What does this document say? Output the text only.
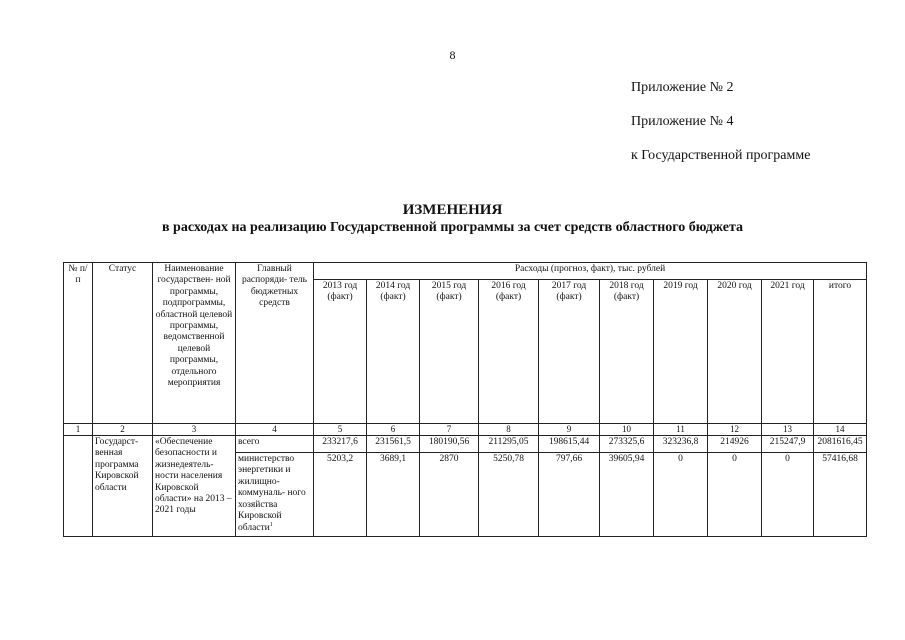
8
Приложение № 2
Приложение № 4
к Государственной программе
ИЗМЕНЕНИЯ
в расходах на реализацию Государственной программы за счет средств областного бюджета
№ п/п	Статус	Наименование государствен- ной программы, подпрограммы, областной целевой программы, ведомственной целевой программы, отдельного мероприятия	Главный распоряди- тель бюджетных средств	Расходы (прогноз, факт), тыс. рублей									
				2013 год (факт)	2014 год (факт)	2015 год (факт)	2016 год (факт)	2017 год (факт)	2018 год (факт)	2019 год	2020 год	2021 год	итого
1	2	3	4	5	6	7	8	9	10	11	12	13	14
	Государст- венная программа Кировской области	«Обеспечение безопасности и жизнедеятель- ности населения Кировской области» на 2013 – 2021 годы	всего	233217,6	231561,5	180190,56	211295,05	198615,44	273325,6	323236,8	214926	215247,9	2081616,45
			министерство энергетики и жилищно- коммуналь- ного хозяйства Кировской области$^1$	5203,2	3689,1	2870	5250,78	797,66	39605,94	0	0	0	57416,68
